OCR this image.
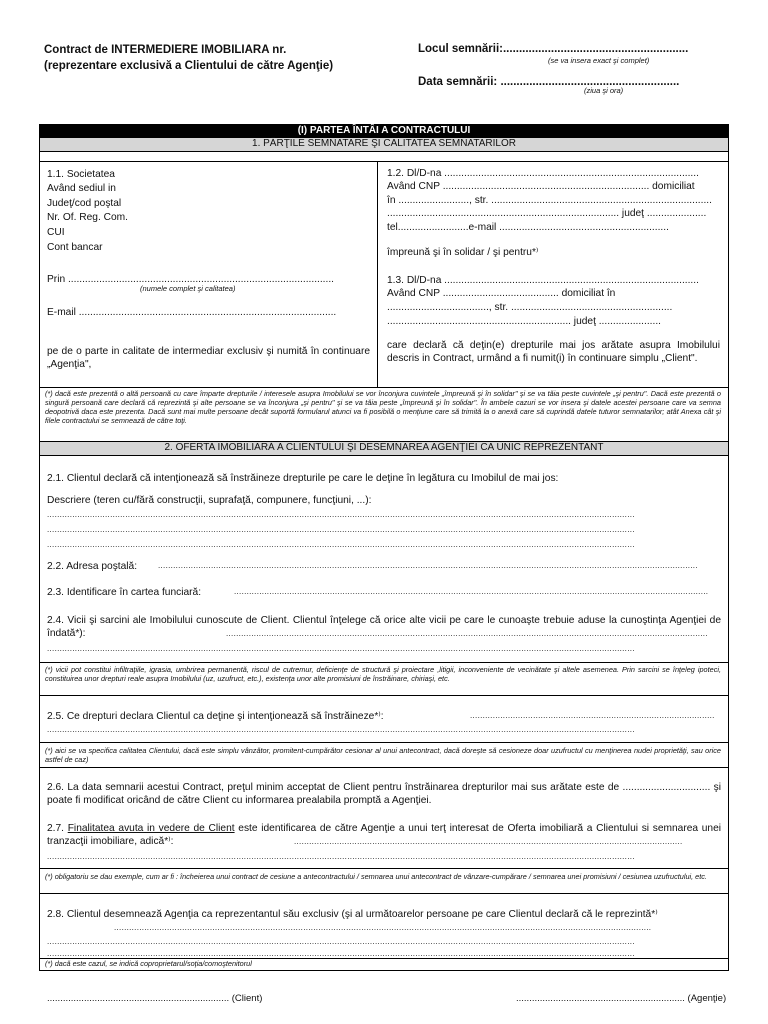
Contract de INTERMEDIERE IMOBILIARA nr.
(reprezentare exclusivă a Clientului de către Agenţie)
Locul semnării:..........................................................
(se va insera exact şi complet)
Data semnării: ........................................................
(ziua şi ora)
(I) PARTEA ÎNTÂI A CONTRACTULUI
1. PĂRŢILE SEMNATARE ŞI CALITATEA SEMNATARILOR
1.1. Societatea
Având sediul in
Judeţ/cod poştal
Nr. Of. Reg. Com.
CUI
Cont bancar
Prin ..............................................................................................
(numele complet şi calitatea)
E-mail ...........................................................................................
pe de o parte in calitate de intermediar exclusiv şi numită în continuare „Agenţia",
1.2. Dl/D-na ..........................................................................................
Având CNP ......................................................................... domiciliat
în ........................., str. ..............................................................................
.................................................................................. judeţ .....................
tel.........................e-mail ............................................................
împreună şi în solidar / şi pentru*⁾
1.3. Dl/D-na ..........................................................................................
Având CNP ......................................... domiciliat în
...................................., str. .........................................................
................................................................. judeţ ......................
care declară că deţin(e) drepturile mai jos arătate asupra Imobilului descris in Contract, urmând a fi numit(i) în continuare simplu „Client".
(*) dacă este prezentă o altă persoană cu care împarte drepturile / interesele asupra Imobilului se vor înconjura cuvintele „împreună şi în solidar" şi se va tăia peste cuvintele „şi pentru". Dacă este prezentă o singură persoană care declară că reprezintă şi alte persoane se va înconjura „şi pentru" şi se va tăia peste „împreună şi în solidar". În ambele cazuri se vor insera şi datele acestei persoane care va semna deopotrivă daca este prezenta. Dacă sunt mai multe persoane decât suportă formularul atunci va fi posibilă o menţiune care să trimită la o anexă care să cuprindă datele tuturor semnatarilor; atât Anexa cât şi filele contractului se semnează de către toţi.
2. OFERTA IMOBILIARĂ A CLIENTULUI ŞI DESEMNAREA AGENŢIEI CA UNIC REPREZENTANT
2.1. Clientul declară că intenţionează să înstrăineze drepturile pe care le deţine în legătura cu Imobilul de mai jos:
Descriere (teren cu/fără construcţii, suprafaţă, compunere, funcţiuni, ...):
.........................................................................................................................................................................................................................................
.........................................................................................................................................................................................................................................
.........................................................................................................................................................................................................................................
2.2. Adresa poştală:	......................................................................................................................................................................................................................
2.3. Identificare în cartea funciară:	............................................................................................................................................................................................
2.4. Vicii şi sarcini ale Imobilului cunoscute de Client. Clientul înţelege că orice alte vicii pe care le cunoaşte trebuie aduse la cunoştinţa Agenţiei de îndată*):	...............................................................................................................................................................................................
.........................................................................................................................................................................................................................................
(*) vicii pot constitui infiltraţiile, igrasia, umbrirea permanentă, riscul de cutremur, deficienţe de structură şi proiectare ,litigii, inconveniente de vecinătate şi altele asemenea. Prin sarcini se înţeleg ipoteci, constituirea unor drepturi reale asupra Imobilului (uz, uzufruct, etc.), existenţa unor alte promisiuni de înstrăinare, chiriaşi, etc.
2.5. Ce drepturi declara Clientul ca deţine şi intenţionează să înstrăineze*⁾:	.................................................................................................
.........................................................................................................................................................................................................................................
(*) aici se va specifica calitatea Clientului, dacă este simplu vânzător, promitent-cumpărător cesionar al unui antecontract, dacă doreşte să cesioneze doar uzufructul cu menţinerea nudei proprietăţi, sau orice astfel de caz)
2.6. La data semnarii acestui Contract, preţul minim acceptat de Client pentru înstrăinarea drepturilor mai sus arătate este de ............................... şi poate fi modificat oricând de către Client cu informarea prealabila promptă a Agenţiei.
2.7. Finalitatea avuta in vedere de Client este identificarea de către Agenţie a unui terţ interesat de Oferta imobiliară a Clientului si semnarea unei tranzacţii imobiliare, adică*⁾:	..........................................................................................................................................................
.........................................................................................................................................................................................................................................
(*) obligatoriu se dau exemple, cum ar fi : încheierea unui contract de cesiune a antecontractului / semnarea unui antecontract de vânzare-cumpărare / semnarea unei promisiuni / cesiunea uzufructului, etc.
2.8. Clientul desemnează Agenţia ca reprezentantul său exclusiv (şi al următoarelor persoane pe care Clientul declară că le reprezintă*⁾
.....................................................................................................................................................................................................................
.........................................................................................................................................................................................................................................
.........................................................................................................................................................................................................................................
(*) dacă este cazul, se indică coproprietarul/soţia/comoştenitorul
..................................................................... (Client)	................................................................ (Agenţie)
